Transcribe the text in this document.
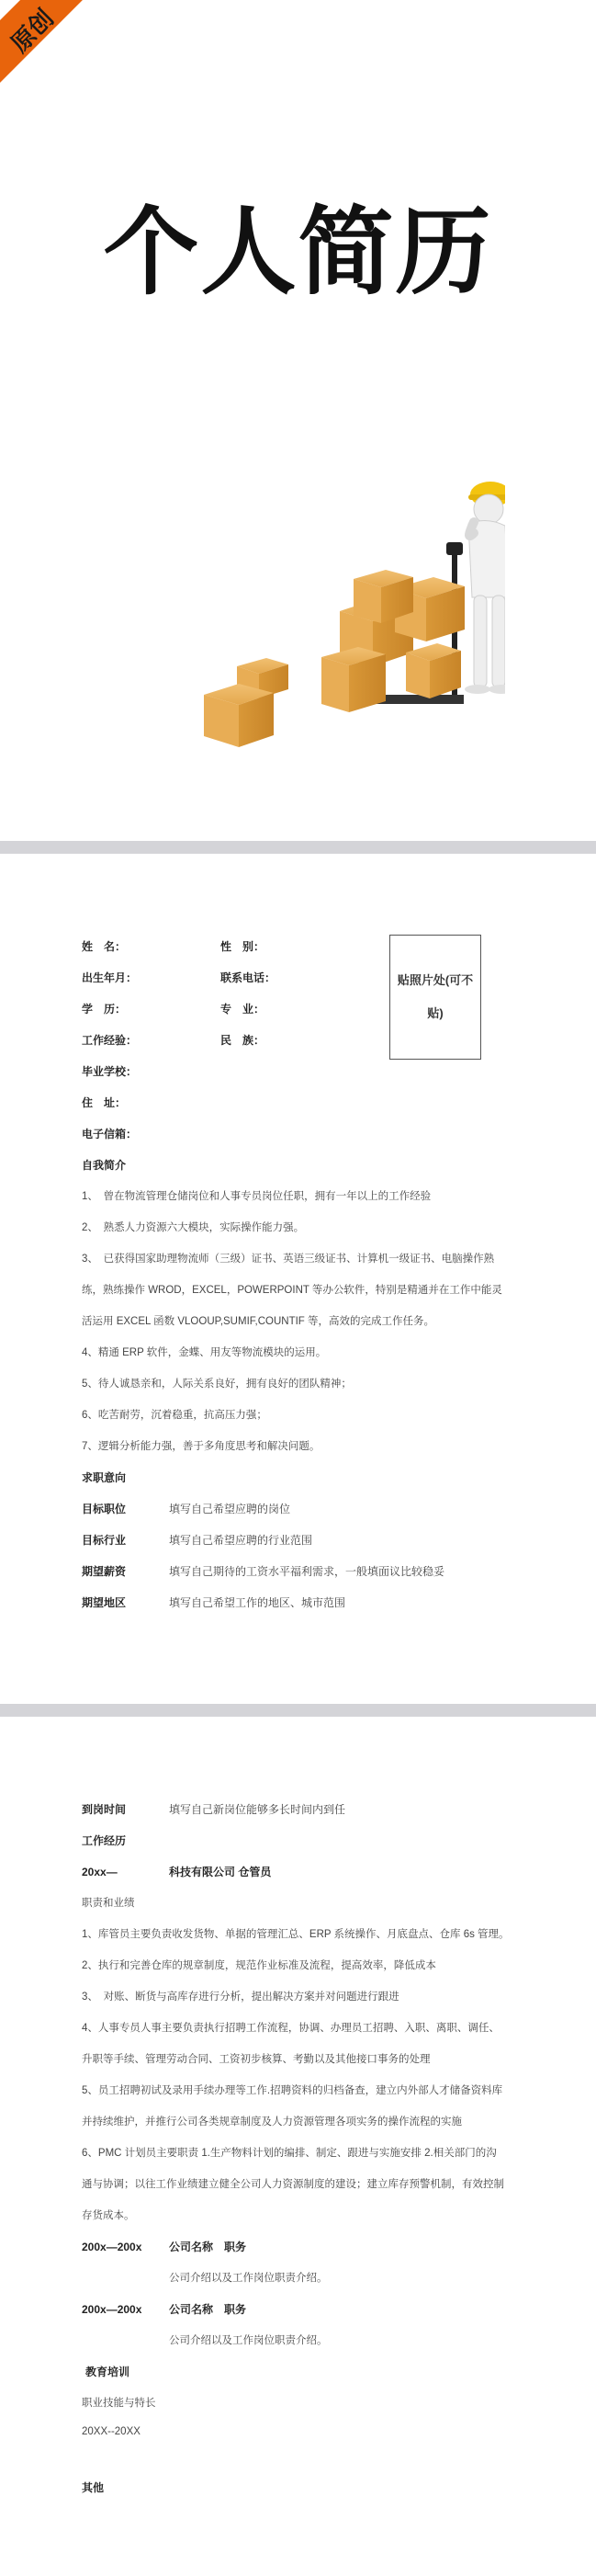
原创
个人简历
姓　名：	性　别：
出生年月：	联系电话：
学　历：	专　业：
工作经验：	民　族：
毕业学校：
住　址：
电子信箱：
贴照片处(可不贴)
自我简介
1、　曾在物流管理仓储岗位和人事专员岗位任职，拥有一年以上的工作经验
2、　熟悉人力资源六大模块，实际操作能力强。
3、　已获得国家助理物流师（三级）证书、英语三级证书、计算机一级证书、电脑操作熟
练，熟练操作 WROD，EXCEL，POWERPOINT 等办公软件，特别是精通并在工作中能灵
活运用 EXCEL 函数 VLOOUP,SUMIF,COUNTIF 等，高效的完成工作任务。
4、精通 ERP 软件，金蝶、用友等物流模块的运用。
5、待人诚恳亲和，人际关系良好，拥有良好的团队精神；
6、吃苦耐劳，沉着稳重，抗高压力强；
7、逻辑分析能力强，善于多角度思考和解决问题。
求职意向
目标职位	填写自己希望应聘的岗位
目标行业	填写自己希望应聘的行业范围
期望薪资	填写自己期待的工资水平福利需求，一般填面议比较稳妥
期望地区	填写自己希望工作的地区、城市范围
到岗时间	填写自己新岗位能够多长时间内到任
工作经历
20xx—	科技有限公司 仓管员
职责和业绩
1、库管员主要负责收发货物、单据的管理汇总、ERP 系统操作、月底盘点、仓库 6s 管理。
2、执行和完善仓库的规章制度，规范作业标准及流程，提高效率，降低成本
3、　对账、断货与高库存进行分析，提出解决方案并对问题进行跟进
4、人事专员人事主要负责执行招聘工作流程，协调、办理员工招聘、入职、离职、调任、
升职等手续、管理劳动合同、工资初步核算、考勤以及其他接口事务的处理
5、员工招聘初试及录用手续办理等工作.招聘资料的归档备查，建立内外部人才储备资料库
并持续维护，并推行公司各类规章制度及人力资源管理各项实务的操作流程的实施
6、PMC 计划员主要职责 1.生产物料计划的编排、制定、跟进与实施安排 2.相关部门的沟
通与协调；以往工作业绩建立健全公司人力资源制度的建设；建立库存预警机制，有效控制
存货成本。
200x—200x 公司名称　职务
公司介绍以及工作岗位职责介绍。
200x—200x 公司名称　职务
公司介绍以及工作岗位职责介绍。
教育培训
职业技能与特长
20XX--20XX
其他
